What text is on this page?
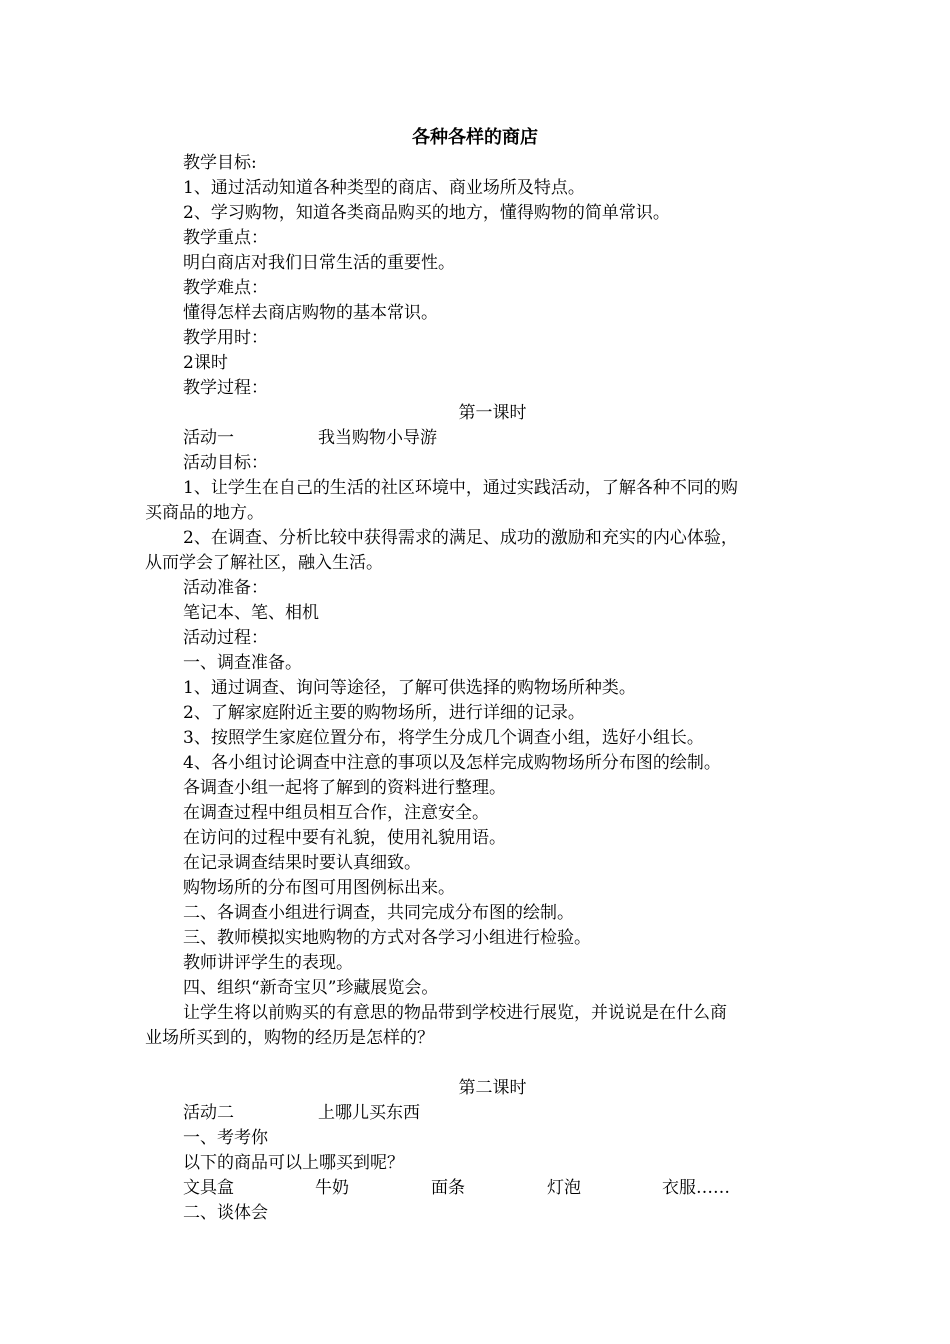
各种各样的商店
教学目标:
1、通过活动知道各种类型的商店、商业场所及特点。
2、学习购物，知道各类商品购买的地方，懂得购物的简单常识。
教学重点：
明白商店对我们日常生活的重要性。
教学难点：
懂得怎样去商店购物的基本常识。
教学用时：
2课时
教学过程：
第一课时
活动一	我当购物小导游
活动目标：
1、让学生在自己的生活的社区环境中，通过实践活动，了解各种不同的购
买商品的地方。
2、在调查、分析比较中获得需求的满足、成功的激励和充实的内心体验，
从而学会了解社区，融入生活。
活动准备：
笔记本、笔、相机
活动过程：
一、调查准备。
1、通过调查、询问等途径，了解可供选择的购物场所种类。
2、了解家庭附近主要的购物场所，进行详细的记录。
3、按照学生家庭位置分布，将学生分成几个调查小组，选好小组长。
4、各小组讨论调查中注意的事项以及怎样完成购物场所分布图的绘制。
各调查小组一起将了解到的资料进行整理。
在调查过程中组员相互合作，注意安全。
在访问的过程中要有礼貌，使用礼貌用语。
在记录调查结果时要认真细致。
购物场所的分布图可用图例标出来。
二、各调查小组进行调查，共同完成分布图的绘制。
三、教师模拟实地购物的方式对各学习小组进行检验。
教师讲评学生的表现。
四、组织“新奇宝贝”珍藏展览会。
让学生将以前购买的有意思的物品带到学校进行展览，并说说是在什么商
业场所买到的，购物的经历是怎样的？
第二课时
活动二	上哪儿买东西
一、考考你
以下的商品可以上哪买到呢？
文具盒	牛奶	面条	灯泡	衣服……
二、谈体会
